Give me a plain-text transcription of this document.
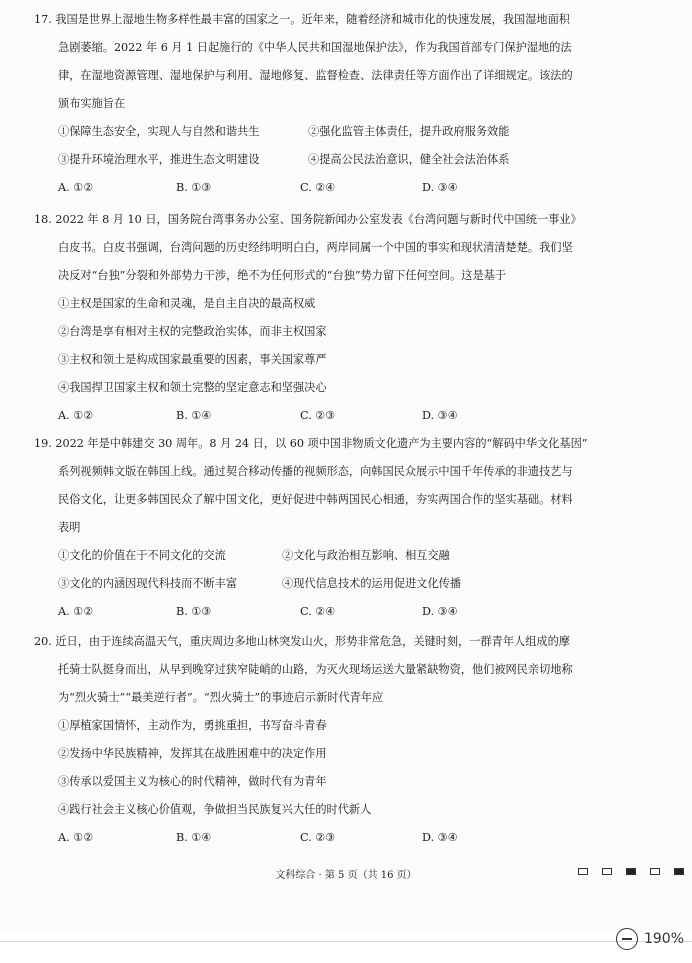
17. 我国是世界上湿地生物多样性最丰富的国家之一。近年来，随着经济和城市化的快速发展，我国湿地面积
急剧萎缩。2022 年 6 月 1 日起施行的《中华人民共和国湿地保护法》，作为我国首部专门保护湿地的法
律，在湿地资源管理、湿地保护与利用、湿地修复、监督检查、法律责任等方面作出了详细规定。该法的
颁布实施旨在
①保障生态安全，实现人与自然和谐共生	②强化监管主体责任，提升政府服务效能
③提升环境治理水平，推进生态文明建设	④提高公民法治意识，健全社会法治体系
A. ①②	B. ①③	C. ②④	D. ③④
18. 2022 年 8 月 10 日，国务院台湾事务办公室、国务院新闻办公室发表《台湾问题与新时代中国统一事业》
白皮书。白皮书强调，台湾问题的历史经纬明明白白，两岸同属一个中国的事实和现状清清楚楚。我们坚
决反对“台独”分裂和外部势力干涉，绝不为任何形式的“台独”势力留下任何空间。这是基于
①主权是国家的生命和灵魂，是自主自决的最高权威
②台湾是享有相对主权的完整政治实体，而非主权国家
③主权和领土是构成国家最重要的因素，事关国家尊严
④我国捍卫国家主权和领土完整的坚定意志和坚强决心
A. ①②	B. ①④	C. ②③	D. ③④
19. 2022 年是中韩建交 30 周年。8 月 24 日，以 60 项中国非物质文化遗产为主要内容的“解码中华文化基因”
系列视频韩文版在韩国上线。通过契合移动传播的视频形态，向韩国民众展示中国千年传承的非遗技艺与
民俗文化，让更多韩国民众了解中国文化，更好促进中韩两国民心相通，夯实两国合作的坚实基础。材料
表明
①文化的价值在于不同文化的交流	②文化与政治相互影响、相互交融
③文化的内涵因现代科技而不断丰富	④现代信息技术的运用促进文化传播
A. ①②	B. ①③	C. ②④	D. ③④
20. 近日，由于连续高温天气，重庆周边多地山林突发山火，形势非常危急，关键时刻，一群青年人组成的摩
托骑士队挺身而出，从早到晚穿过狭窄陡峭的山路，为灭火现场运送大量紧缺物资，他们被网民亲切地称
为“烈火骑士”“最美逆行者”。“烈火骑士”的事迹启示新时代青年应
①厚植家国情怀，主动作为，勇挑重担，书写奋斗青春
②发扬中华民族精神，发挥其在战胜困难中的决定作用
③传承以爱国主义为核心的时代精神，做时代有为青年
④践行社会主义核心价值观，争做担当民族复兴大任的时代新人
A. ①②	B. ①④	C. ②③	D. ③④
文科综合 · 第 5 页（共 16 页）
190%
